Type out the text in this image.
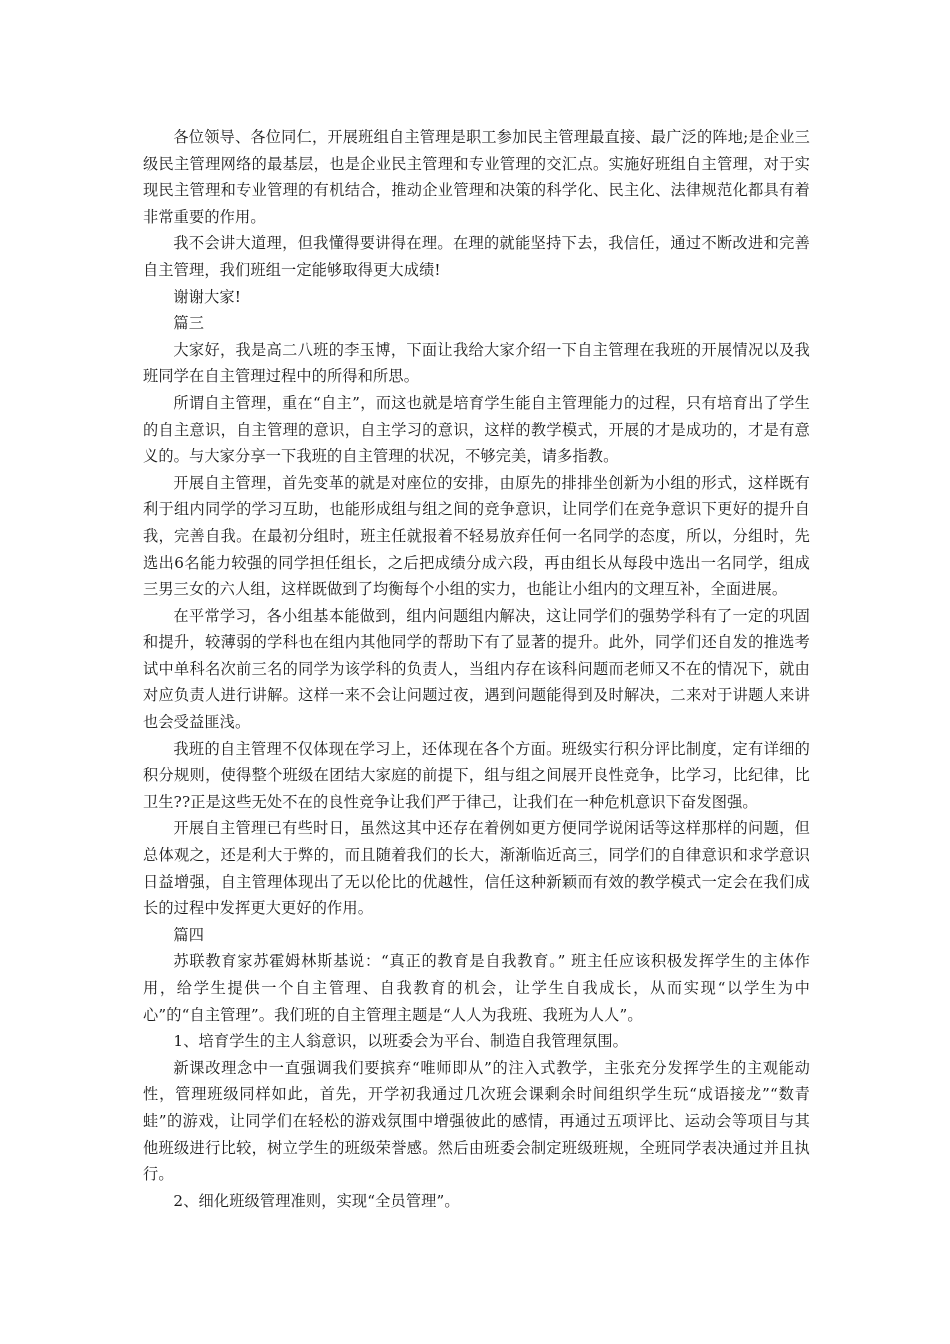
各位领导、各位同仁，开展班组自主管理是职工参加民主管理最直接、最广泛的阵地;是企业三级民主管理网络的最基层，也是企业民主管理和专业管理的交汇点。实施好班组自主管理，对于实现民主管理和专业管理的有机结合，推动企业管理和决策的科学化、民主化、法律规范化都具有着非常重要的作用。

我不会讲大道理，但我懂得要讲得在理。在理的就能坚持下去，我信任，通过不断改进和完善自主管理，我们班组一定能够取得更大成绩!

谢谢大家!

篇三

大家好，我是高二八班的李玉博，下面让我给大家介绍一下自主管理在我班的开展情况以及我班同学在自主管理过程中的所得和所思。

所谓自主管理，重在“自主”，而这也就是培育学生能自主管理能力的过程，只有培育出了学生的自主意识，自主管理的意识，自主学习的意识，这样的教学模式，开展的才是成功的，才是有意义的。与大家分享一下我班的自主管理的状况，不够完美，请多指教。

开展自主管理，首先变革的就是对座位的安排，由原先的排排坐创新为小组的形式，这样既有利于组内同学的学习互助，也能形成组与组之间的竞争意识，让同学们在竞争意识下更好的提升自我，完善自我。在最初分组时，班主任就报着不轻易放弃任何一名同学的态度，所以，分组时，先选出6名能力较强的同学担任组长，之后把成绩分成六段，再由组长从每段中选出一名同学，组成三男三女的六人组，这样既做到了均衡每个小组的实力，也能让小组内的文理互补，全面进展。

在平常学习，各小组基本能做到，组内问题组内解决，这让同学们的强势学科有了一定的巩固和提升，较薄弱的学科也在组内其他同学的帮助下有了显著的提升。此外，同学们还自发的推选考试中单科名次前三名的同学为该学科的负责人，当组内存在该科问题而老师又不在的情况下，就由对应负责人进行讲解。这样一来不会让问题过夜，遇到问题能得到及时解决，二来对于讲题人来讲也会受益匪浅。

我班的自主管理不仅体现在学习上，还体现在各个方面。班级实行积分评比制度，定有详细的积分规则，使得整个班级在团结大家庭的前提下，组与组之间展开良性竞争，比学习，比纪律，比卫生??正是这些无处不在的良性竞争让我们严于律己，让我们在一种危机意识下奋发图强。

开展自主管理已有些时日，虽然这其中还存在着例如更方便同学说闲话等这样那样的问题，但总体观之，还是利大于弊的，而且随着我们的长大，渐渐临近高三，同学们的自律意识和求学意识日益增强，自主管理体现出了无以伦比的优越性，信任这种新颖而有效的教学模式一定会在我们成长的过程中发挥更大更好的作用。

篇四

苏联教育家苏霍姆林斯基说：“真正的教育是自我教育。” 班主任应该积极发挥学生的主体作用，给学生提供一个自主管理、自我教育的机会，让学生自我成长，从而实现“以学生为中心”的“自主管理”。我们班的自主管理主题是“人人为我班、我班为人人”。

1、培育学生的主人翁意识，以班委会为平台、制造自我管理氛围。

新课改理念中一直强调我们要摈弃“唯师即从”的注入式教学，主张充分发挥学生的主观能动性，管理班级同样如此，首先，开学初我通过几次班会课剩余时间组织学生玩“成语接龙”“数青蛙”的游戏，让同学们在轻松的游戏氛围中增强彼此的感情，再通过五项评比、运动会等项目与其他班级进行比较，树立学生的班级荣誉感。然后由班委会制定班级班规，全班同学表决通过并且执行。

2、细化班级管理准则，实现“全员管理”。
